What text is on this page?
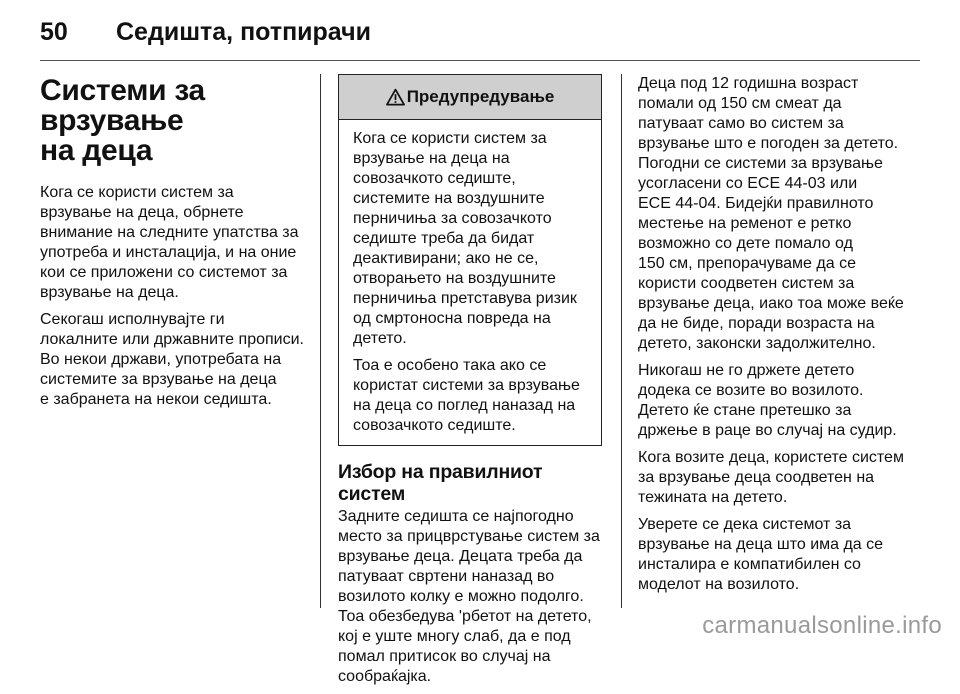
50 Седишта, потпирачи
Системи за врзување
на деца

Кога се користи систем за
врзување на деца, обрнете
внимание на следните упатства за
употреба и инсталација, и на оние
кои се приложени со системот за
врзување на деца.

Секогаш исполнувајте ги
локалните или државните прописи.
Во некои држави, употребата на
системите за врзување на деца
е забранета на некои седишта.

Предупредување

Кога се користи систем за
врзување на деца на
совозачкото седиште,
системите на воздушните
перничиња за совозачкото
седиште треба да бидат
деактивирани; ако не се,
отворањето на воздушните
перничиња претставува ризик
од смртоносна повреда на
детето.

Тоа е особено така ако се
користат системи за врзување
на деца со поглед наназад на
совозачкото седиште.

Избор на правилниот систем

Задните седишта се најпогодно
место за прицврстување систем за
врзување деца. Децата треба да
патуваат свртени наназад во
возилото колку е можно подолго.
Тоа обезбедува 'рбетот на детето,
кој е уште многу слаб, да е под
помал притисок во случај на
сообраќајка.

Деца под 12 годишна возраст
помали од 150 см смеат да
патуваат само во систем за
врзување што е погоден за детето.
Погодни се системи за врзување
усогласени со ECE 44-03 или
ECE 44-04. Бидејќи правилното
местење на ременот е ретко
возможно со дете помало од
150 см, препорачуваме да се
користи соодветен систем за
врзување деца, иако тоа може веќе
да не биде, поради возраста на
детето, законски задолжително.

Никогаш не го држете детето
додека се возите во возилото.
Детето ќе стане претешко за
држење в раце во случај на судир.

Кога возите деца, користете систем
за врзување деца соодветен на
тежината на детето.

Уверете се дека системот за
врзување на деца што има да се
инсталира е компатибилен со
моделот на возилото.

carmanualsonline.info
